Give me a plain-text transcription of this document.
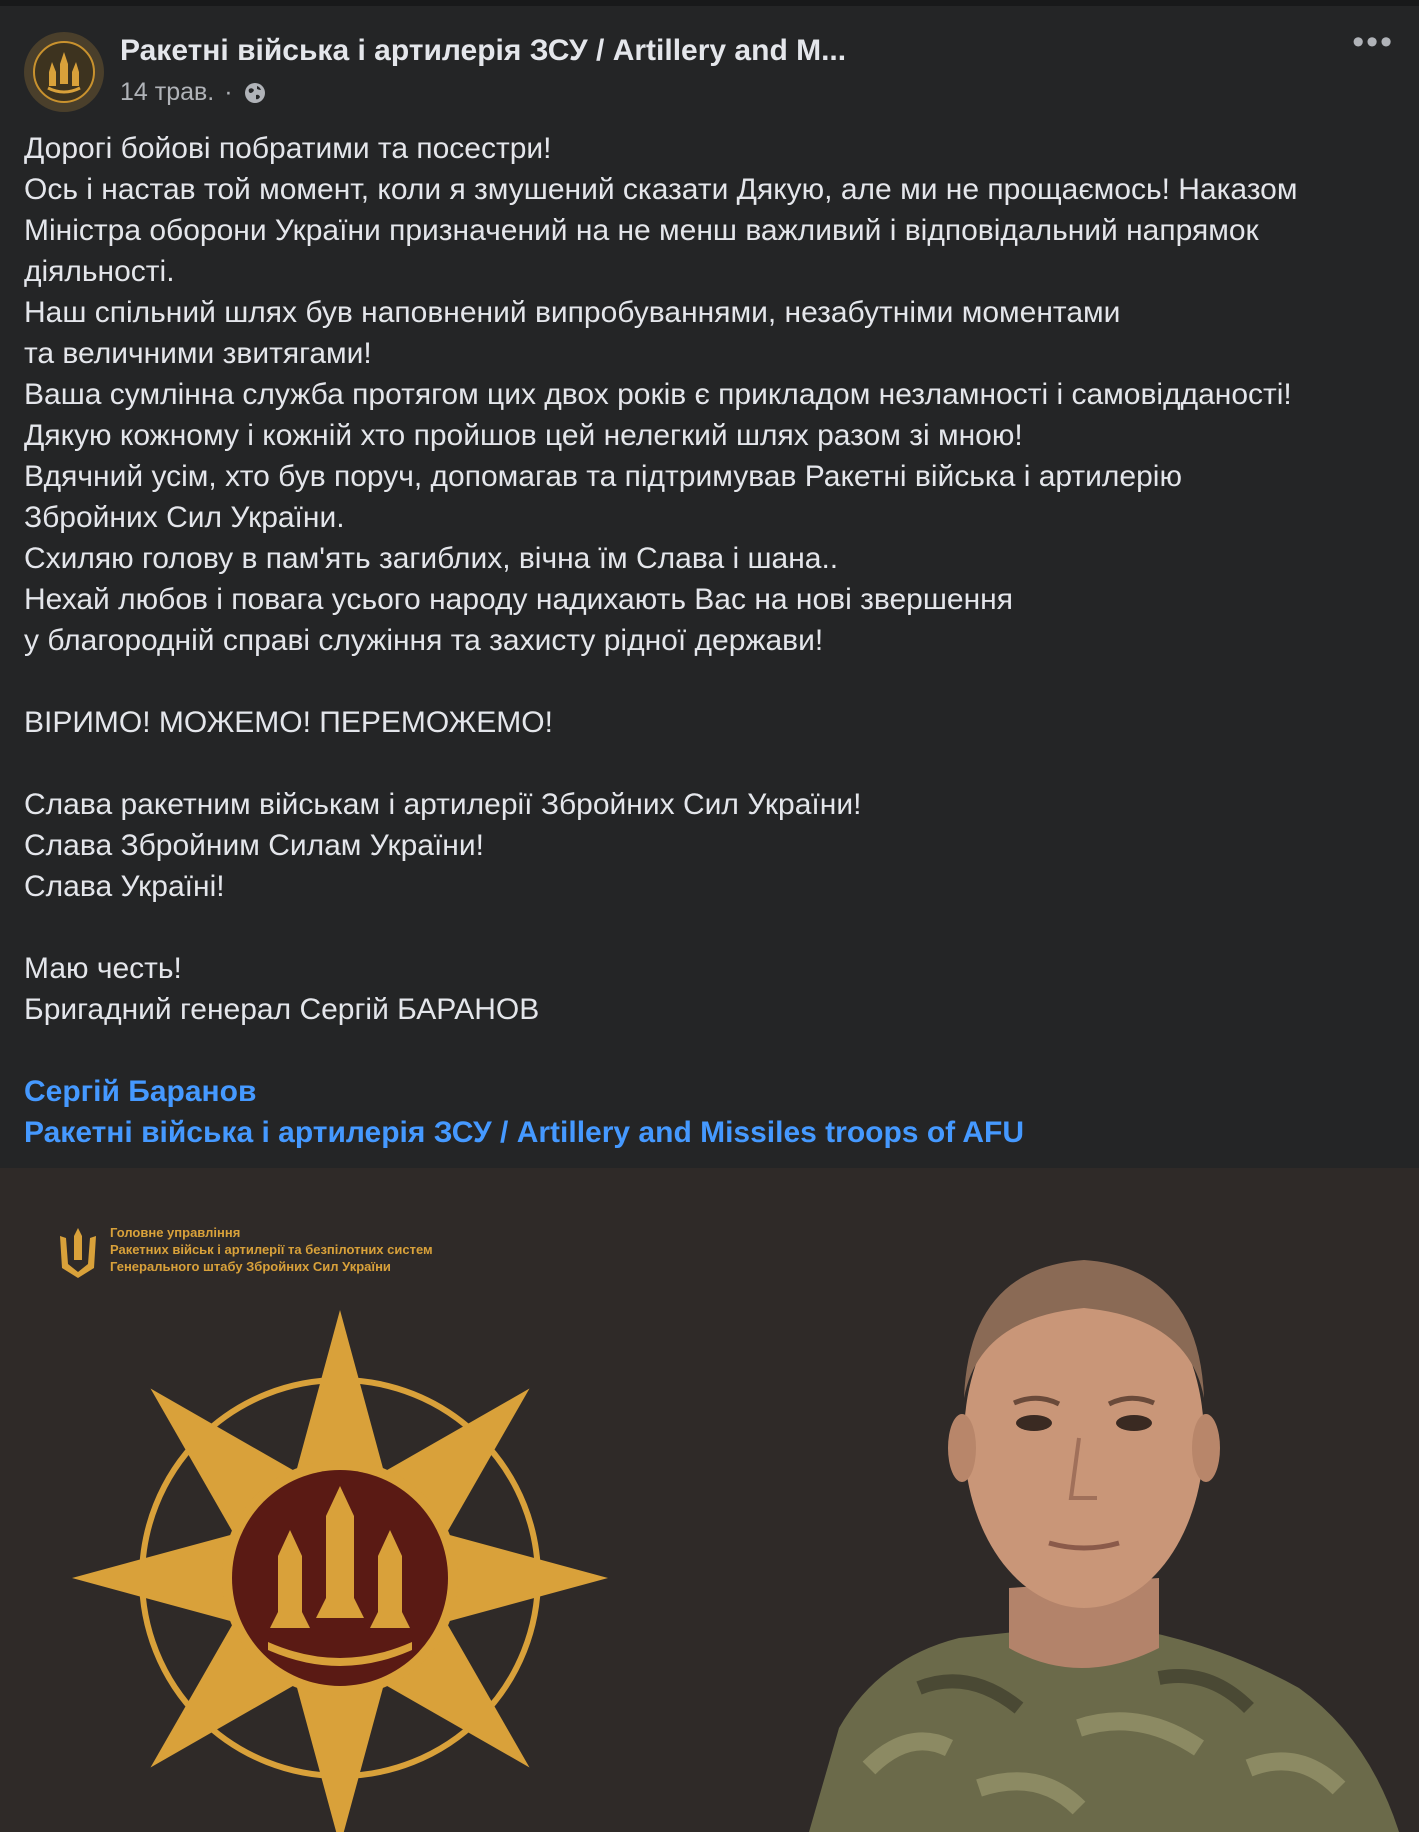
Ракетні війська і артилерія ЗСУ / Artillery and M...
14 трав. ·
•••

Дорогі бойові побратими та посестри!

Ось і настав той момент, коли я змушений сказати Дякую, але ми не прощаємось! Наказом

Міністра оборони України призначений на не менш важливий і відповідальний напрямок

діяльності.

Наш спільний шлях був наповнений випробуваннями, незабутніми моментами

та величними звитягами!

Ваша сумлінна служба протягом цих двох років є прикладом незламності і самовідданості!

Дякую кожному і кожній хто пройшов цей нелегкий шлях разом зі мною!

Вдячний усім, хто був поруч, допомагав та підтримував Ракетні війська і артилерію

Збройних Сил України.

Схиляю голову в пам'ять загиблих, вічна їм Слава і шана..

Нехай любов і повага усього народу надихають Вас на нові звершення

у благородній справі служіння та захисту рідної держави!

ВІРИМО! МОЖЕМО! ПЕРЕМОЖЕМО!

Слава ракетним військам і артилерії Збройних Сил України!

Слава Збройним Силам України!

Слава Україні!

Маю честь!

Бригадний генерал Сергій БАРАНОВ

Сергій Баранов
Ракетні війська і артилерія ЗСУ / Artillery and Missiles troops of AFU
Головне управління
Ракетних військ і артилерії та безпілотних систем
Генерального штабу Збройних Сил України
